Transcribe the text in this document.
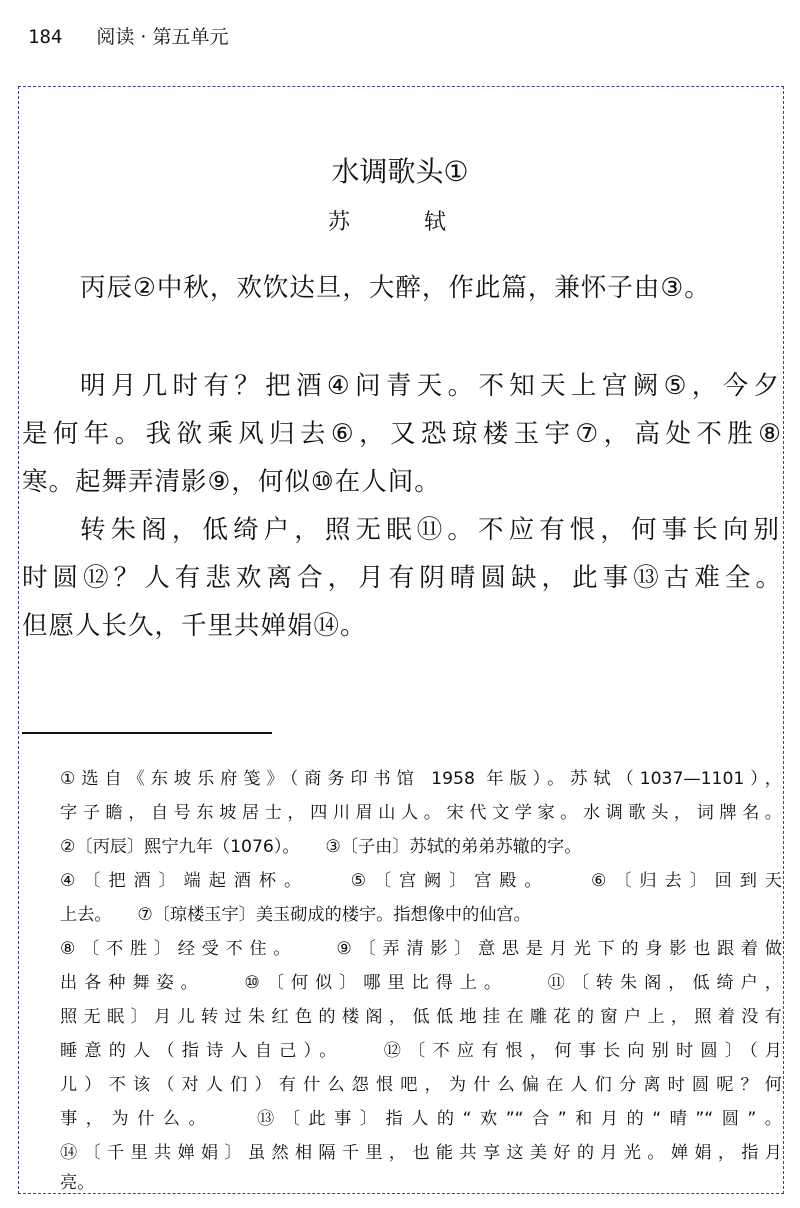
184 阅读 · 第五单元
水调歌头①
苏　轼
丙辰②中秋，欢饮达旦，大醉，作此篇，兼怀子由③。
明月几时有？把酒④问青天。不知天上宫阙⑤，今夕
是何年。我欲乘风归去⑥，又恐琼楼玉宇⑦，高处不胜⑧
寒。起舞弄清影⑨，何似⑩在人间。
转朱阁，低绮户，照无眠⑪。不应有恨，何事长向别
时圆⑫？人有悲欢离合，月有阴晴圆缺，此事⑬古难全。
但愿人长久，千里共婵娟⑭。
①选自《东坡乐府笺》（商务印书馆 1958 年版）。苏轼（1037—1101），
字子瞻，自号东坡居士，四川眉山人。宋代文学家。水调歌头，词牌名。
②〔丙辰〕熙宁九年（1076）。　　③〔子由〕苏轼的弟弟苏辙的字。
④〔把酒〕端起酒杯。　　⑤〔宫阙〕宫殿。　　⑥〔归去〕回到天
上去。　　⑦〔琼楼玉宇〕美玉砌成的楼宇。指想像中的仙宫。
⑧〔不胜〕经受不住。　　⑨〔弄清影〕意思是月光下的身影也跟着做
出各种舞姿。　　⑩〔何似〕哪里比得上。　　⑪〔转朱阁，低绮户，
照无眠〕月儿转过朱红色的楼阁，低低地挂在雕花的窗户上，照着没有
睡意的人（指诗人自己）。　　⑫〔不应有恨，何事长向别时圆〕（月
儿）不该（对人们）有什么怨恨吧，为什么偏在人们分离时圆呢？何
事，为什么。　　⑬〔此事〕指人的“欢”“合”和月的“晴”“圆”。
⑭〔千里共婵娟〕虽然相隔千里，也能共享这美好的月光。婵娟，指月
亮。
